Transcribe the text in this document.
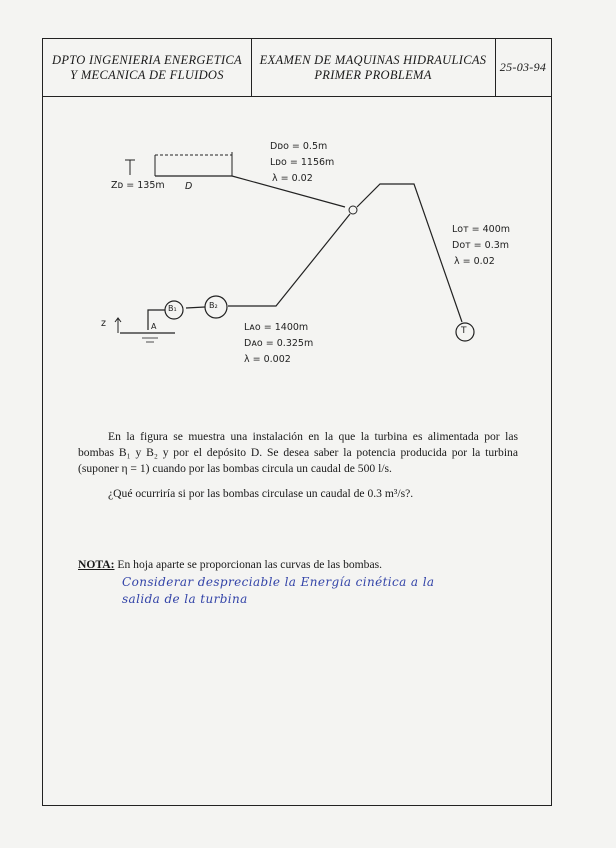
DPTO INGENIERIA ENERGETICA
Y MECANICA DE FLUIDOS
EXAMEN DE MAQUINAS HIDRAULICAS
PRIMER PROBLEMA
25-03-94
Zᴅ = 135m D
Dᴅᴏ = 0.5m
Lᴅᴏ = 1156m
λ = 0.02
Lᴏᴛ = 400m
Dᴏᴛ = 0.3m
λ = 0.02
T
B₁	B₂
z	A	Lᴀᴏ = 1400m
Dᴀᴏ = 0.325m
λ = 0.002
En la figura se muestra una instalación en la que la turbina es alimentada por las bombas B₁ y B₂ y por el depósito D. Se desea saber la potencia producida por la turbina (suponer η = 1) cuando por las bombas circula un caudal de 500 l/s.
¿Qué ocurriría si por las bombas circulase un caudal de 0.3 m³/s?.
NOTA: En hoja aparte se proporcionan las curvas de las bombas.
Considerar despreciable la Energía cinética a la
salida de la turbina
